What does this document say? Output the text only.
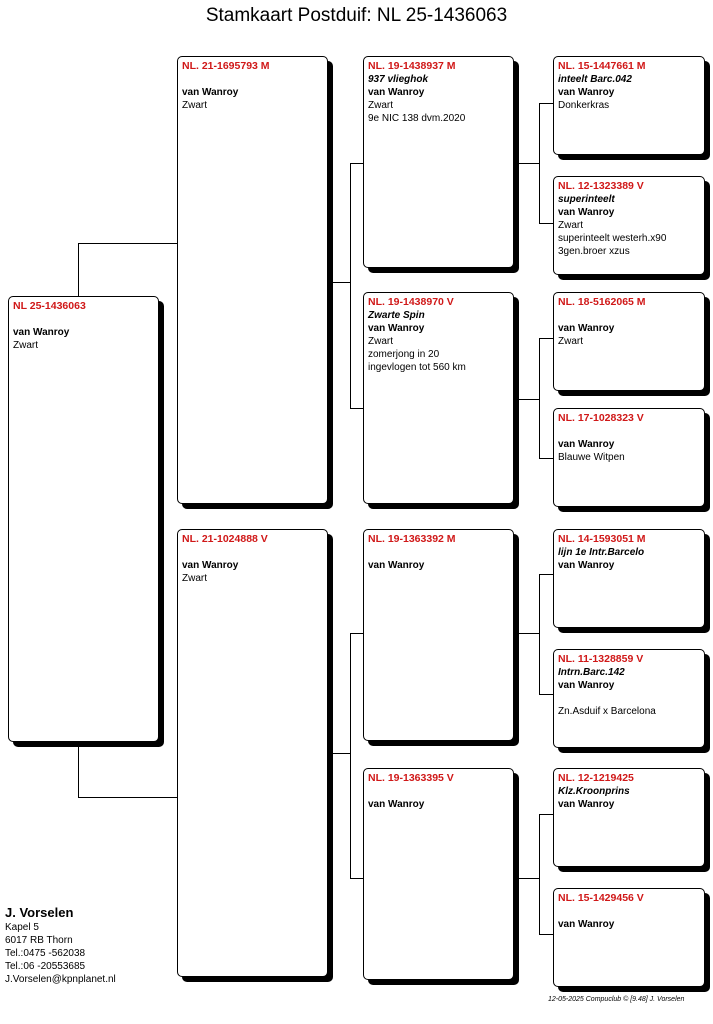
Stamkaart Postduif: NL 25-1436063
NL 25-1436063
van Wanroy
Zwart
NL. 21-1695793 M
van Wanroy
Zwart
NL. 21-1024888 V
van Wanroy
Zwart
NL. 19-1438937 M
937 vlieghok
van Wanroy
Zwart
9e NIC 138 dvm.2020
NL. 19-1438970 V
Zwarte Spin
van Wanroy
Zwart
zomerjong in 20
ingevlogen tot 560 km
NL. 19-1363392 M
van Wanroy
NL. 19-1363395 V
van Wanroy
NL. 15-1447661 M
inteelt Barc.042
van Wanroy
Donkerkras
NL. 12-1323389 V
superinteelt
van Wanroy
Zwart
superinteelt westerh.x90
3gen.broer xzus
NL. 18-5162065 M
van Wanroy
Zwart
NL. 17-1028323 V
van Wanroy
Blauwe Witpen
NL. 14-1593051 M
lijn 1e Intr.Barcelo
van Wanroy
NL. 11-1328859 V
Intrn.Barc.142
van Wanroy
Zn.Asduif x Barcelona
NL. 12-1219425
Klz.Kroonprins
van Wanroy
NL. 15-1429456 V
van Wanroy
J. Vorselen
Kapel 5
6017 RB Thorn
Tel.:0475 -562038
Tel.:06 -20553685
J.Vorselen@kpnplanet.nl
12-05-2025 Compuclub © [9.48] J. Vorselen
